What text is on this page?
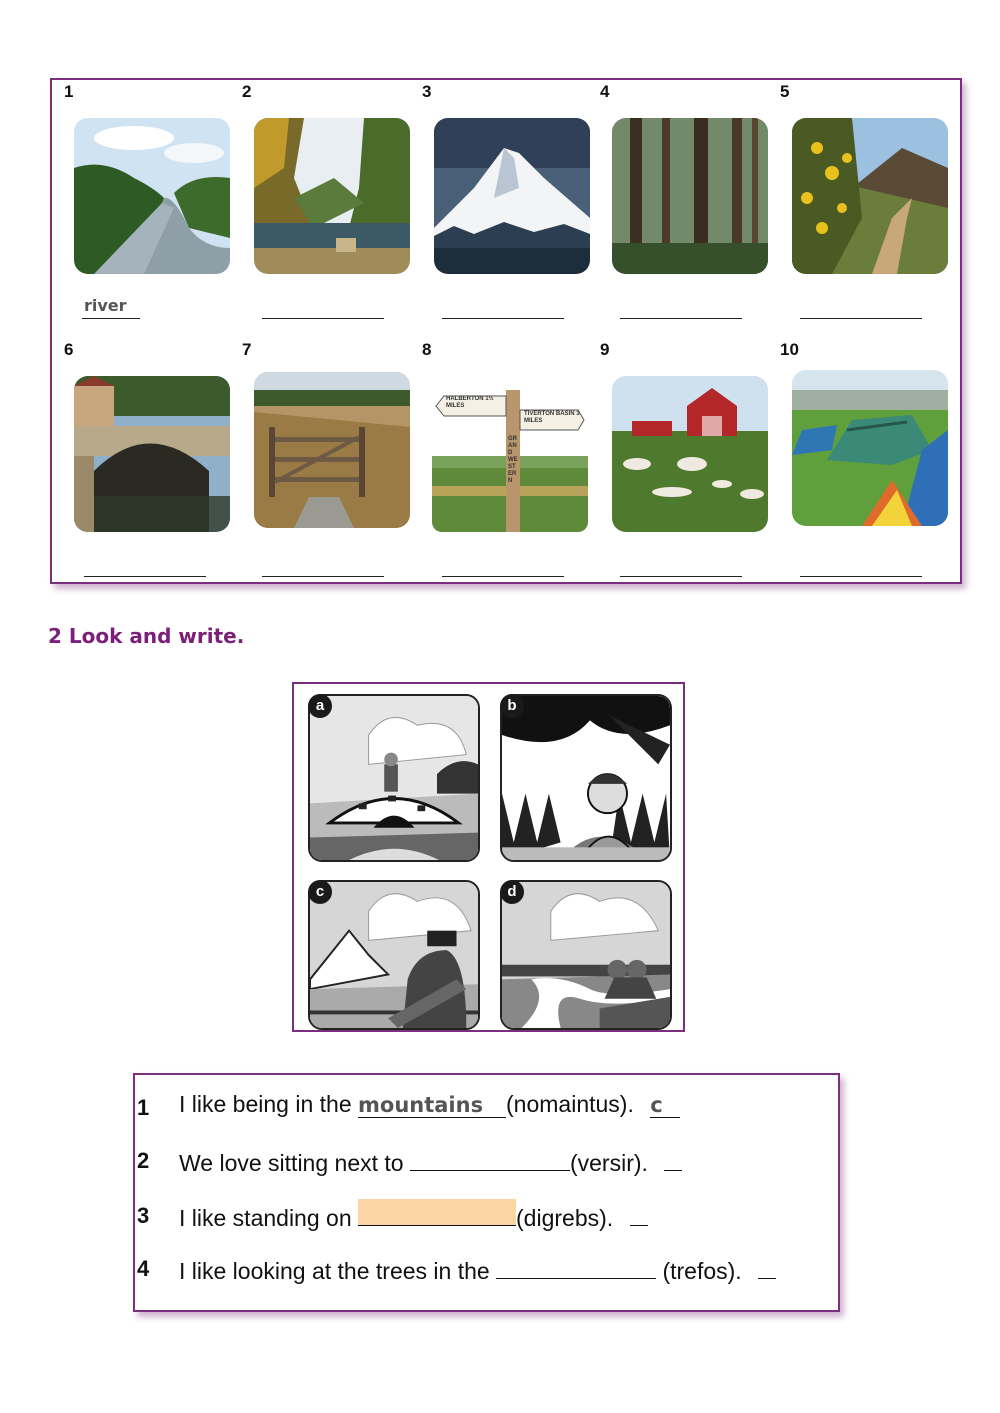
1
river
2	3	4	5
6	7	8
HALBERTON 1½ MILES
TIVERTON BASIN 3 MILES
GRAND WESTERN
9	10
2 Look and write.
a	b
c	d
1 I like being in the mountains (nomaintus). c
2 We love sitting next to	(versir).
3 I like standing on	(digrebs).
4 I like looking at the trees in the	(trefos).
